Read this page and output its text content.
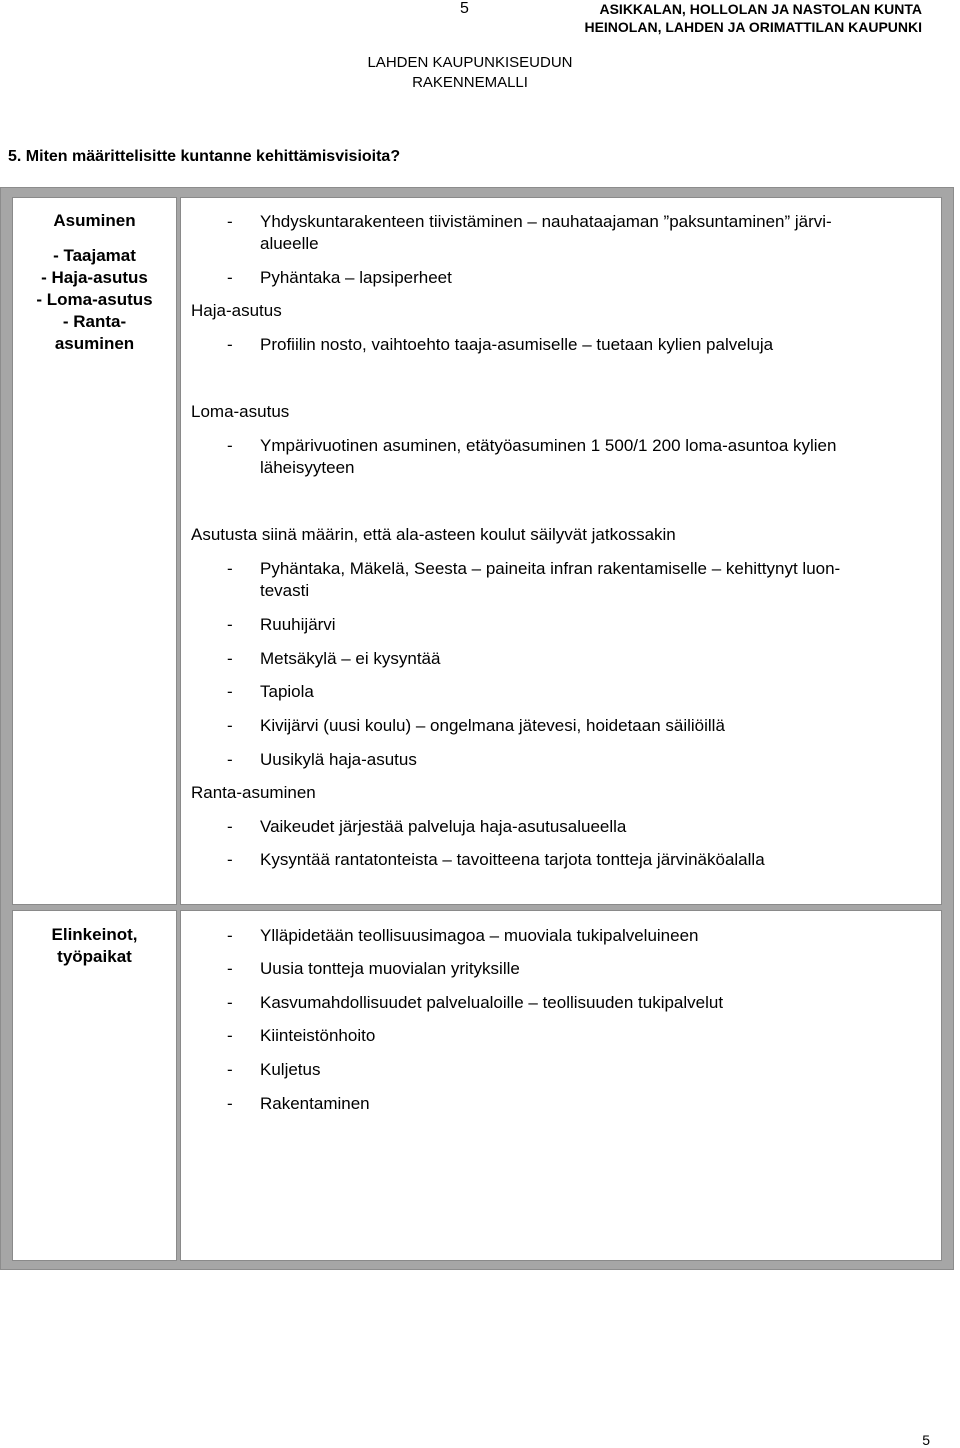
5	ASIKKALAN, HOLLOLAN JA NASTOLAN KUNTA
HEINOLAN, LAHDEN JA ORIMATTILAN KAUPUNKI
LAHDEN KAUPUNKISEUDUN
RAKENNEMALLI
5. Miten määrittelisitte kuntanne kehittämisvisioita?
Asuminen
- Taajamat
- Haja-asutus
- Loma-asutus
- Ranta-
asuminen
- Yhdyskuntarakenteen tiivistäminen – nauhataajaman ”paksuntaminen” järvi-
alueelle
- Pyhäntaka – lapsiperheet
Haja-asutus
- Profiilin nosto, vaihtoehto taaja-asumiselle – tuetaan kylien palveluja
Loma-asutus
- Ympärivuotinen asuminen, etätyöasuminen 1 500/1 200 loma-asuntoa kylien
läheisyyteen
Asutusta siinä määrin, että ala-asteen koulut säilyvät jatkossakin
- Pyhäntaka, Mäkelä, Seesta – paineita infran rakentamiselle – kehittynyt luon-
tevasti
- Ruuhijärvi
- Metsäkylä – ei kysyntää
- Tapiola
- Kivijärvi (uusi koulu) – ongelmana jätevesi, hoidetaan säiliöillä
- Uusikylä haja-asutus
Ranta-asuminen
- Vaikeudet järjestää palveluja haja-asutusalueella
- Kysyntää rantatonteista – tavoitteena tarjota tontteja järvinäköalalla
Elinkeinot,
työpaikat
- Ylläpidetään teollisuusimagoa – muoviala tukipalveluineen
- Uusia tontteja muovialan yrityksille
- Kasvumahdollisuudet palvelualoille – teollisuuden tukipalvelut
- Kiinteistönhoito
- Kuljetus
- Rakentaminen
5
